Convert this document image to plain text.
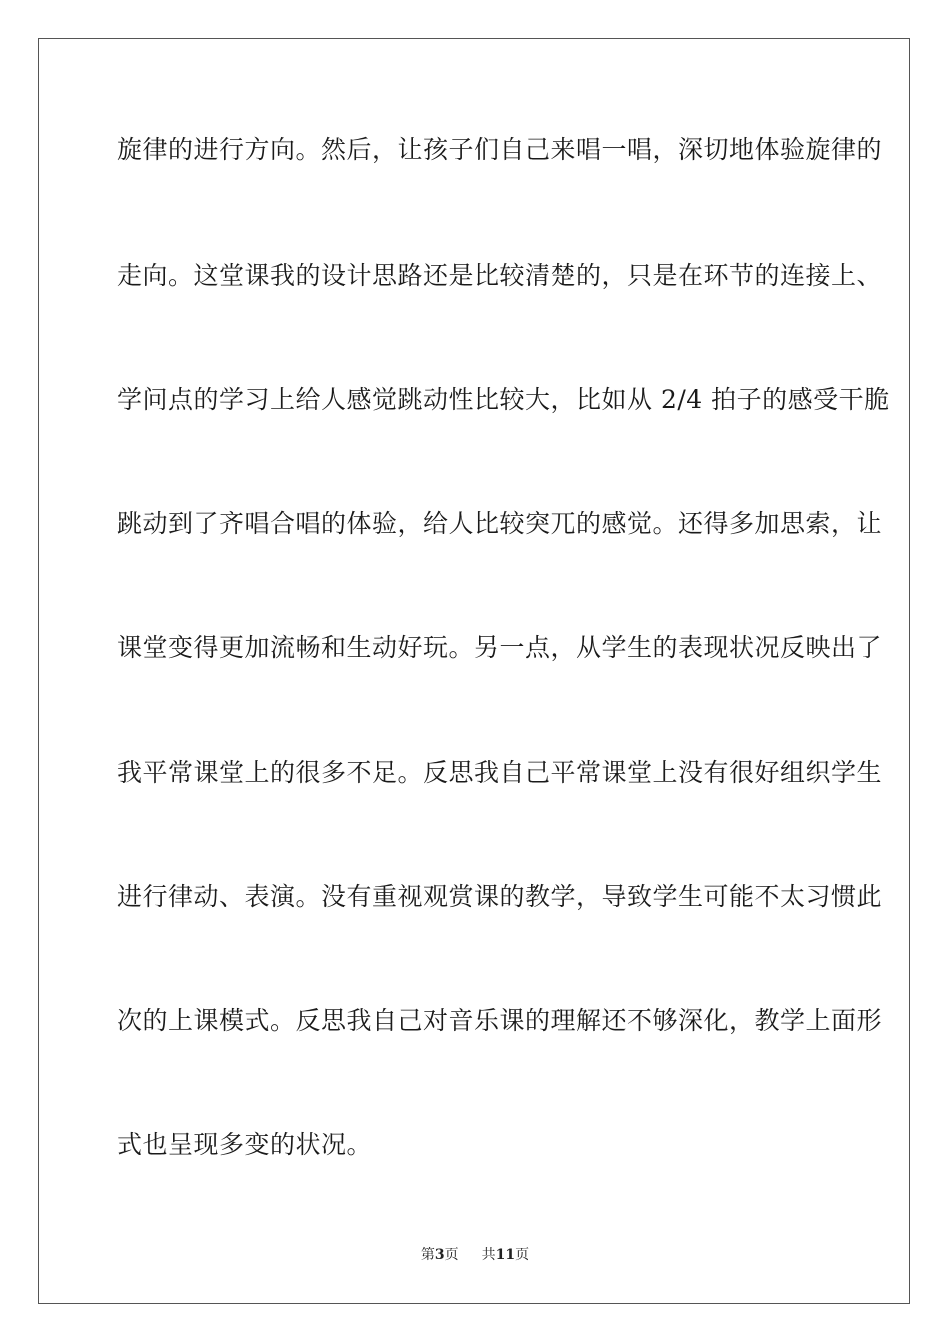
旋律的进行方向。然后，让孩子们自己来唱一唱，深切地体验旋律的
走向。这堂课我的设计思路还是比较清楚的，只是在环节的连接上、
学问点的学习上给人感觉跳动性比较大，比如从 2/4 拍子的感受干脆
跳动到了齐唱合唱的体验，给人比较突兀的感觉。还得多加思索，让
课堂变得更加流畅和生动好玩。另一点，从学生的表现状况反映出了
我平常课堂上的很多不足。反思我自己平常课堂上没有很好组织学生
进行律动、表演。没有重视观赏课的教学，导致学生可能不太习惯此
次的上课模式。反思我自己对音乐课的理解还不够深化，教学上面形
式也呈现多变的状况。
第3页 共11页
